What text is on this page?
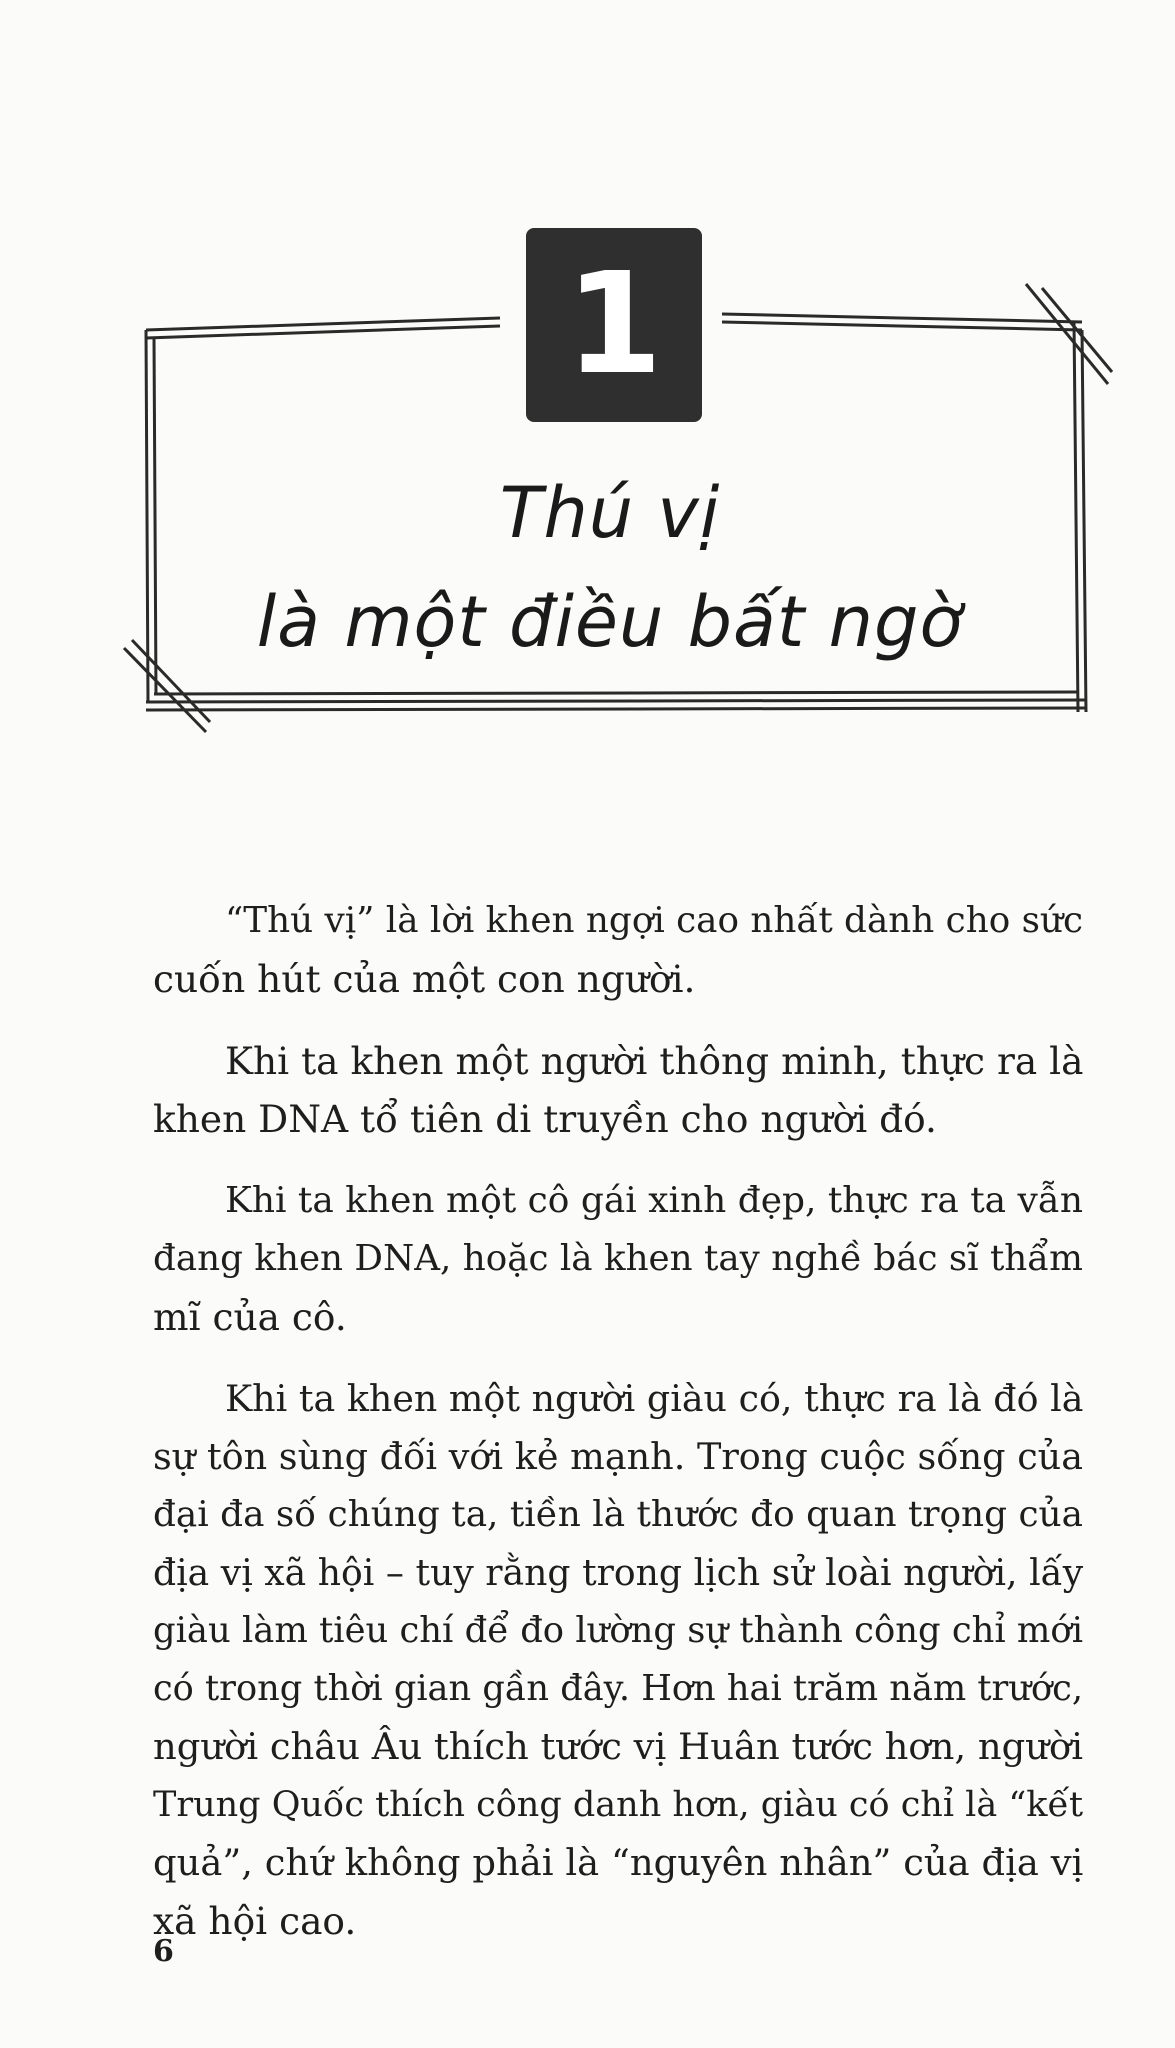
1
Thú vị
là một điều bất ngờ

“Thú vị” là lời khen ngợi cao nhất dành cho sức
cuốn hút của một con người.

Khi ta khen một người thông minh, thực ra là
khen DNA tổ tiên di truyền cho người đó.

Khi ta khen một cô gái xinh đẹp, thực ra ta vẫn
đang khen DNA, hoặc là khen tay nghề bác sĩ thẩm
mĩ của cô.

Khi ta khen một người giàu có, thực ra là đó là
sự tôn sùng đối với kẻ mạnh. Trong cuộc sống của
đại đa số chúng ta, tiền là thước đo quan trọng của
địa vị xã hội – tuy rằng trong lịch sử loài người, lấy
giàu làm tiêu chí để đo lường sự thành công chỉ mới
có trong thời gian gần đây. Hơn hai trăm năm trước,
người châu Âu thích tước vị Huân tước hơn, người
Trung Quốc thích công danh hơn, giàu có chỉ là “kết
quả”, chứ không phải là “nguyên nhân” của địa vị
xã hội cao.

6
